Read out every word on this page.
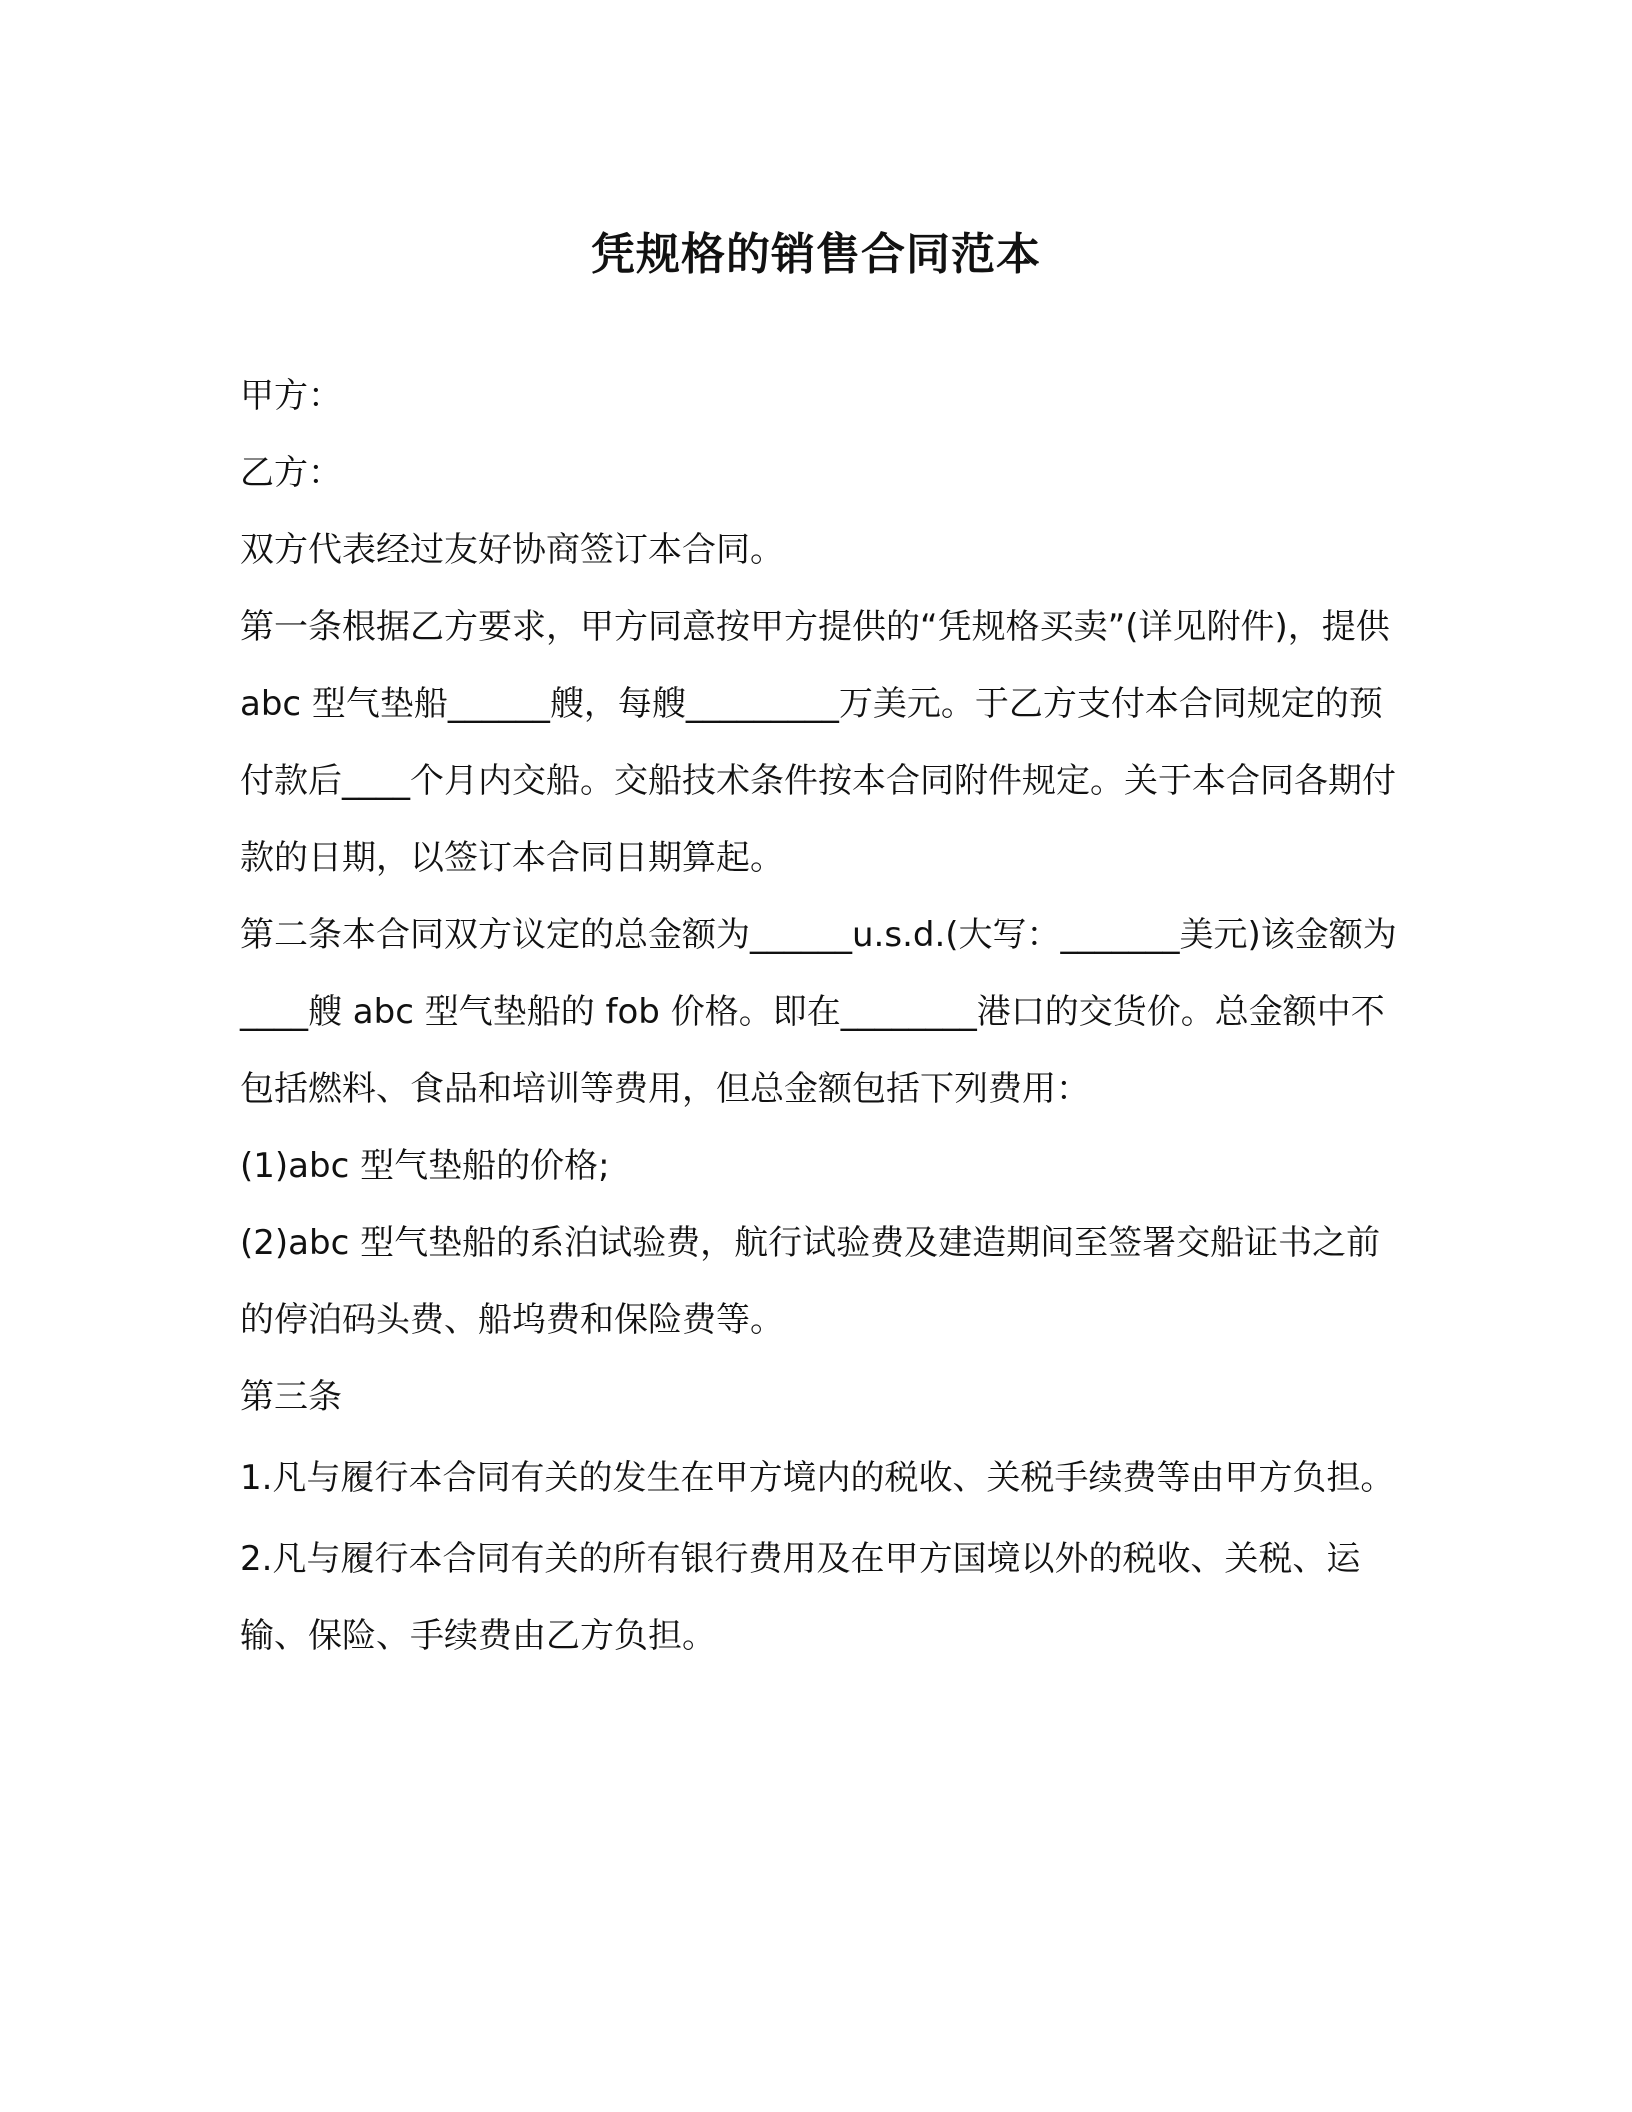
凭规格的销售合同范本

甲方：

乙方：

双方代表经过友好协商签订本合同。

第一条根据乙方要求，甲方同意按甲方提供的“凭规格买卖”(详见附件)，提供 abc 型气垫船______艘，每艘_________万美元。于乙方支付本合同规定的预付款后____个月内交船。交船技术条件按本合同附件规定。关于本合同各期付款的日期，以签订本合同日期算起。

第二条本合同双方议定的总金额为______u.s.d.(大写：_______美元)该金额为____艘 abc 型气垫船的 fob 价格。即在________港口的交货价。总金额中不包括燃料、食品和培训等费用，但总金额包括下列费用：

(1)abc 型气垫船的价格;

(2)abc 型气垫船的系泊试验费，航行试验费及建造期间至签署交船证书之前的停泊码头费、船坞费和保险费等。

第三条

1.凡与履行本合同有关的发生在甲方境内的税收、关税手续费等由甲方负担。

2.凡与履行本合同有关的所有银行费用及在甲方国境以外的税收、关税、运输、保险、手续费由乙方负担。
